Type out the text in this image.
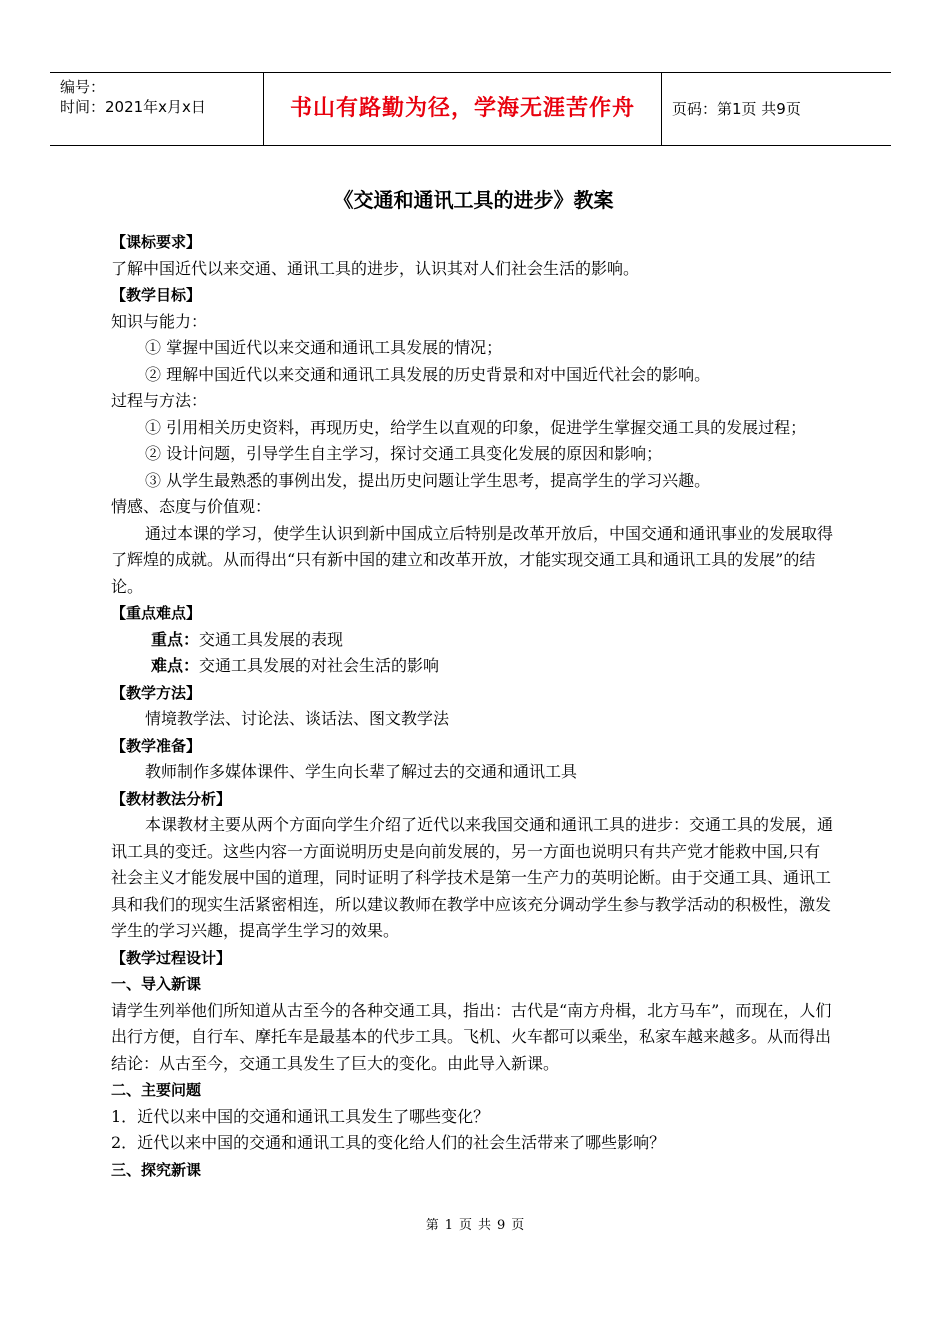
编号：
时间：2021年x月x日	书山有路勤为径，学海无涯苦作舟	页码：第1页 共9页
《交通和通讯工具的进步》教案

【课标要求】

了解中国近代以来交通、通讯工具的进步，认识其对人们社会生活的影响。

【教学目标】

知识与能力：

① 掌握中国近代以来交通和通讯工具发展的情况；

② 理解中国近代以来交通和通讯工具发展的历史背景和对中国近代社会的影响。

过程与方法：

① 引用相关历史资料，再现历史，给学生以直观的印象，促进学生掌握交通工具的发展过程；

② 设计问题，引导学生自主学习，探讨交通工具变化发展的原因和影响；

③ 从学生最熟悉的事例出发，提出历史问题让学生思考，提高学生的学习兴趣。

情感、态度与价值观：

通过本课的学习，使学生认识到新中国成立后特别是改革开放后，中国交通和通讯事业的发展取得了辉煌的成就。从而得出“只有新中国的建立和改革开放，才能实现交通工具和通讯工具的发展”的结论。

【重点难点】

重点：交通工具发展的表现

难点：交通工具发展的对社会生活的影响

【教学方法】

情境教学法、讨论法、谈话法、图文教学法

【教学准备】

教师制作多媒体课件、学生向长辈了解过去的交通和通讯工具

【教材教法分析】

本课教材主要从两个方面向学生介绍了近代以来我国交通和通讯工具的进步：交通工具的发展，通讯工具的变迁。这些内容一方面说明历史是向前发展的，另一方面也说明只有共产党才能救中国,只有社会主义才能发展中国的道理，同时证明了科学技术是第一生产力的英明论断。由于交通工具、通讯工具和我们的现实生活紧密相连，所以建议教师在教学中应该充分调动学生参与教学活动的积极性，激发学生的学习兴趣，提高学生学习的效果。

【教学过程设计】

一、导入新课

请学生列举他们所知道从古至今的各种交通工具，指出：古代是“南方舟楫，北方马车”，而现在，人们出行方便，自行车、摩托车是最基本的代步工具。飞机、火车都可以乘坐，私家车越来越多。从而得出结论：从古至今，交通工具发生了巨大的变化。由此导入新课。

二、主要问题

1．近代以来中国的交通和通讯工具发生了哪些变化？

2．近代以来中国的交通和通讯工具的变化给人们的社会生活带来了哪些影响？

三、探究新课

第 1 页 共 9 页
